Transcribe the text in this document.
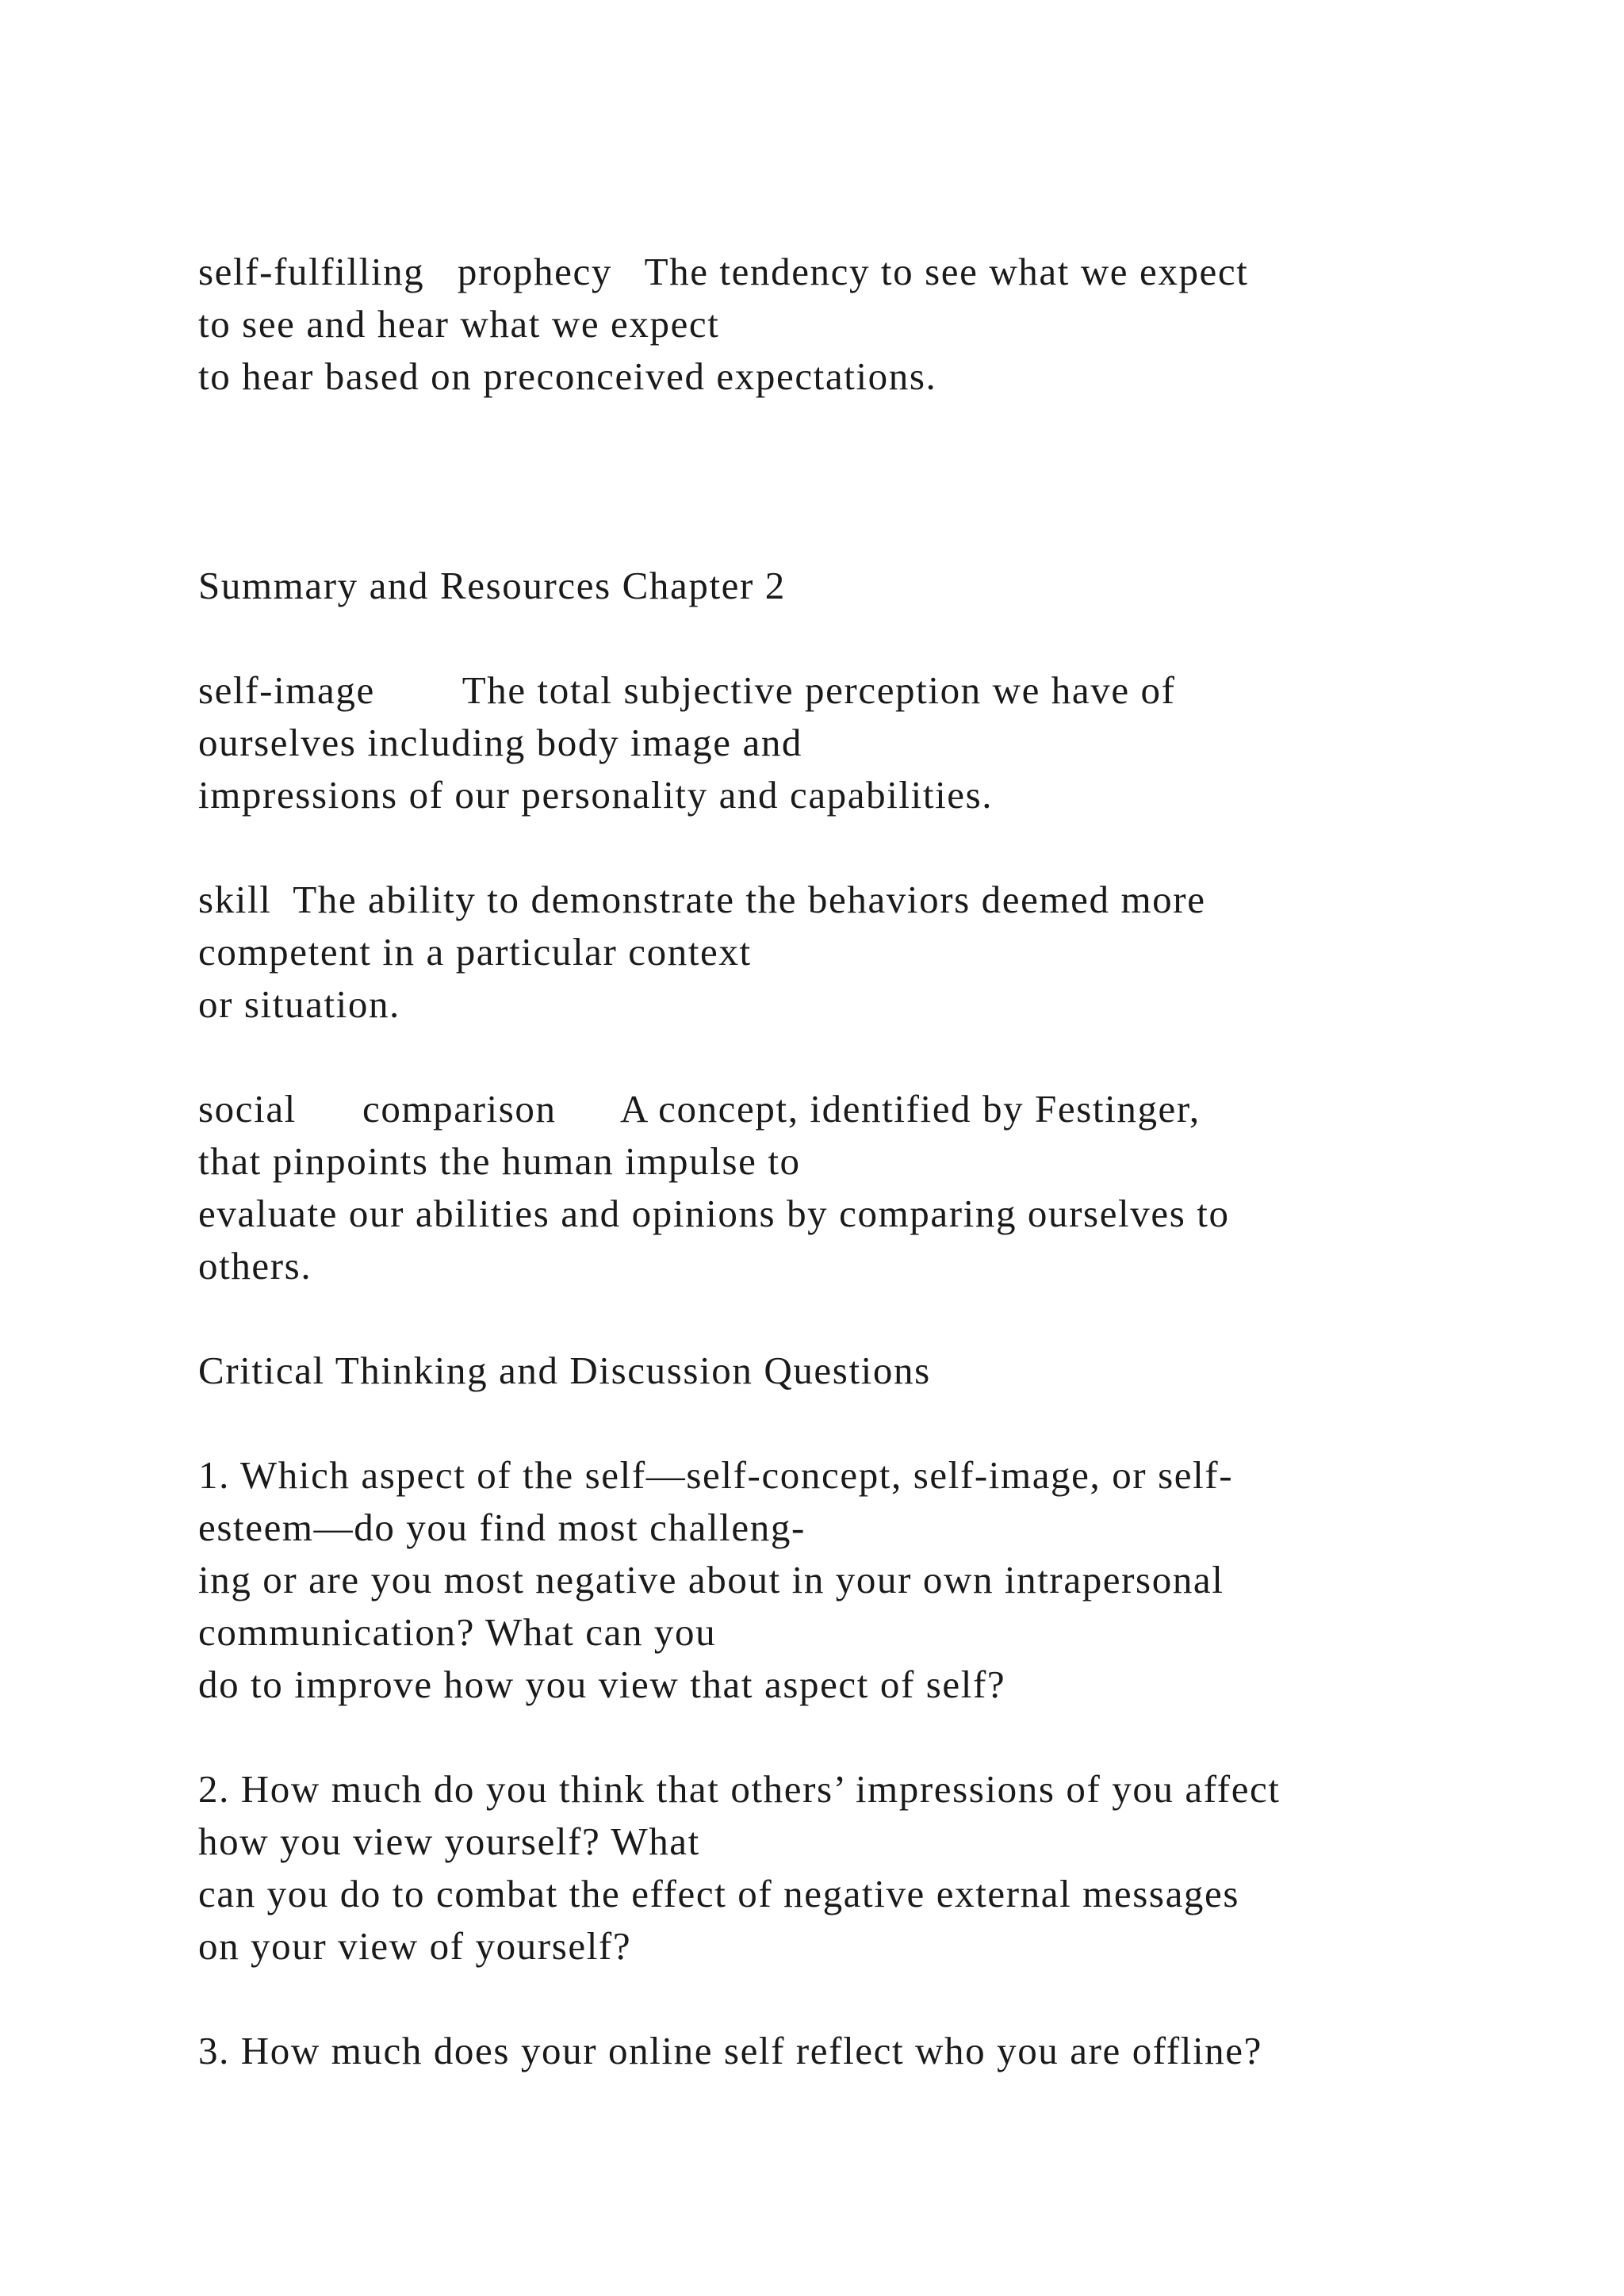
self-fulfilling   prophecy   The tendency to see what we expect
to see and hear what we expect
to hear based on preconceived expectations.
Summary and Resources Chapter 2
self-image        The total subjective perception we have of
ourselves including body image and
impressions of our personality and capabilities.
skill  The ability to demonstrate the behaviors deemed more
competent in a particular context
or situation.
social      comparison      A concept, identified by Festinger,
that pinpoints the human impulse to
evaluate our abilities and opinions by comparing ourselves to
others.
Critical Thinking and Discussion Questions
1. Which aspect of the self—self-concept, self-image, or self-
esteem—do you find most challeng-
ing or are you most negative about in your own intrapersonal
communication? What can you
do to improve how you view that aspect of self?
2. How much do you think that others’ impressions of you affect
how you view yourself? What
can you do to combat the effect of negative external messages
on your view of yourself?
3. How much does your online self reflect who you are offline?
